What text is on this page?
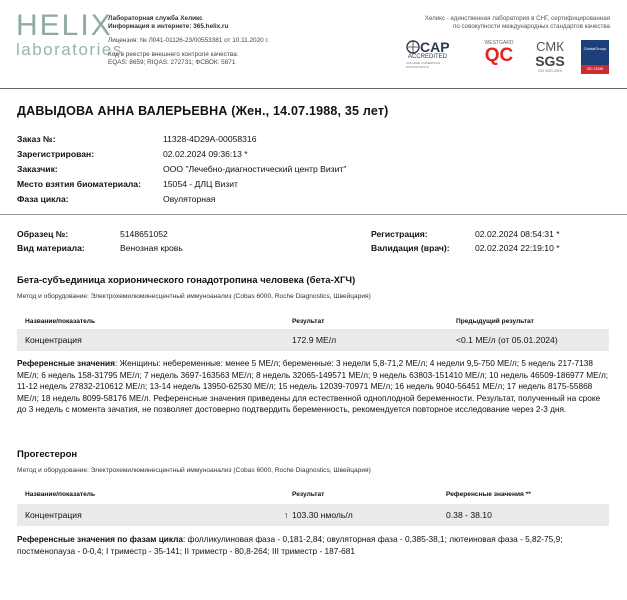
HELIX
laboratories
Лабораторная служба Хеликс
Информация в интернете: 365.helix.ru
Лицензия: № Л041-01126-23/00553381 от 10.11.2020 г.
Код в реестре внешнего контроля качества:
EQAS: 8659; RIQAS: 272731; ФСВОК: 5871
Хеликс - единственная лаборатория в СНГ, сертифицированная
по совокупности международных стандартов качества
CAP
ACCREDITED
COLLEGE of AMERICAN PATHOLOGISTS
WESTGARD
QC	СМК
SGS
ISO 9001:2015
GlobalGroup
ISO 15189
ДАВЫДОВА АННА ВАЛЕРЬЕВНА (Жен., 14.07.1988, 35 лет)
Заказ №:	11328-4D29A-00058316
Зарегистрирован:	02.02.2024 09:36:13 *
Заказчик:	ООО "Лечебно-диагностический центр Визит"
Место взятия биоматериала:	15054 - ДЛЦ Визит
Фаза цикла:	Овуляторная
Образец №:	5148651052
Вид материала:	Венозная кровь
Регистрация:	02.02.2024 08:54:31 *
Валидация (врач):	02.02.2024 22:19:10 *
Бета-субъединица хорионического гонадотропина человека (бета-ХГЧ)
Метод и оборудование: Электрохемилюминесцентный иммуноанализ (Cobas 6000, Roche Diagnostics, Швейцария)
Название/показатель	Результат	Предыдущий результат
Концентрация	172.9 МЕ/л	<0.1 МЕ/л (от 05.01.2024)
Референсные значения: Женщины: небеременные: менее 5 МЕ/л; беременные: 3 недели 5,8-71,2 МЕ/л; 4 недели 9,5-750 МЕ/л; 5 недель 217-7138 МЕ/л; 6 недель 158-31795 МЕ/л; 7 недель 3697-163563 МЕ/л; 8 недель 32065-149571 МЕ/л; 9 недель 63803-151410 МЕ/л; 10 недель 46509-186977 МЕ/л; 11-12 недель 27832-210612 МЕ/л; 13-14 недель 13950-62530 МЕ/л; 15 недель 12039-70971 МЕ/л; 16 недель 9040-56451 МЕ/л; 17 недель 8175-55868 МЕ/л; 18 недель 8099-58176 МЕ/л. Референсные значения приведены для естественной одноплодной беременности. Результат, полученный на сроке до 3 недель с момента зачатия, не позволяет достоверно подтвердить беременность, рекомендуется повторное исследование через 2-3 дня.
Прогестерон
Метод и оборудование: Электрохемилюминесцентный иммуноанализ (Cobas 6000, Roche Diagnostics, Швейцария)
Название/показатель	Результат	Референсные значения **
Концентрация	↑ 103.30 нмоль/л	0.38 - 38.10
Референсные значения по фазам цикла: фолликулиновая фаза - 0,181-2,84; овуляторная фаза - 0,385-38,1; лютеиновая фаза - 5,82-75,9; постменопауза - 0-0,4; I триместр - 35-141; II триместр - 80,8-264; III триместр - 187-681
